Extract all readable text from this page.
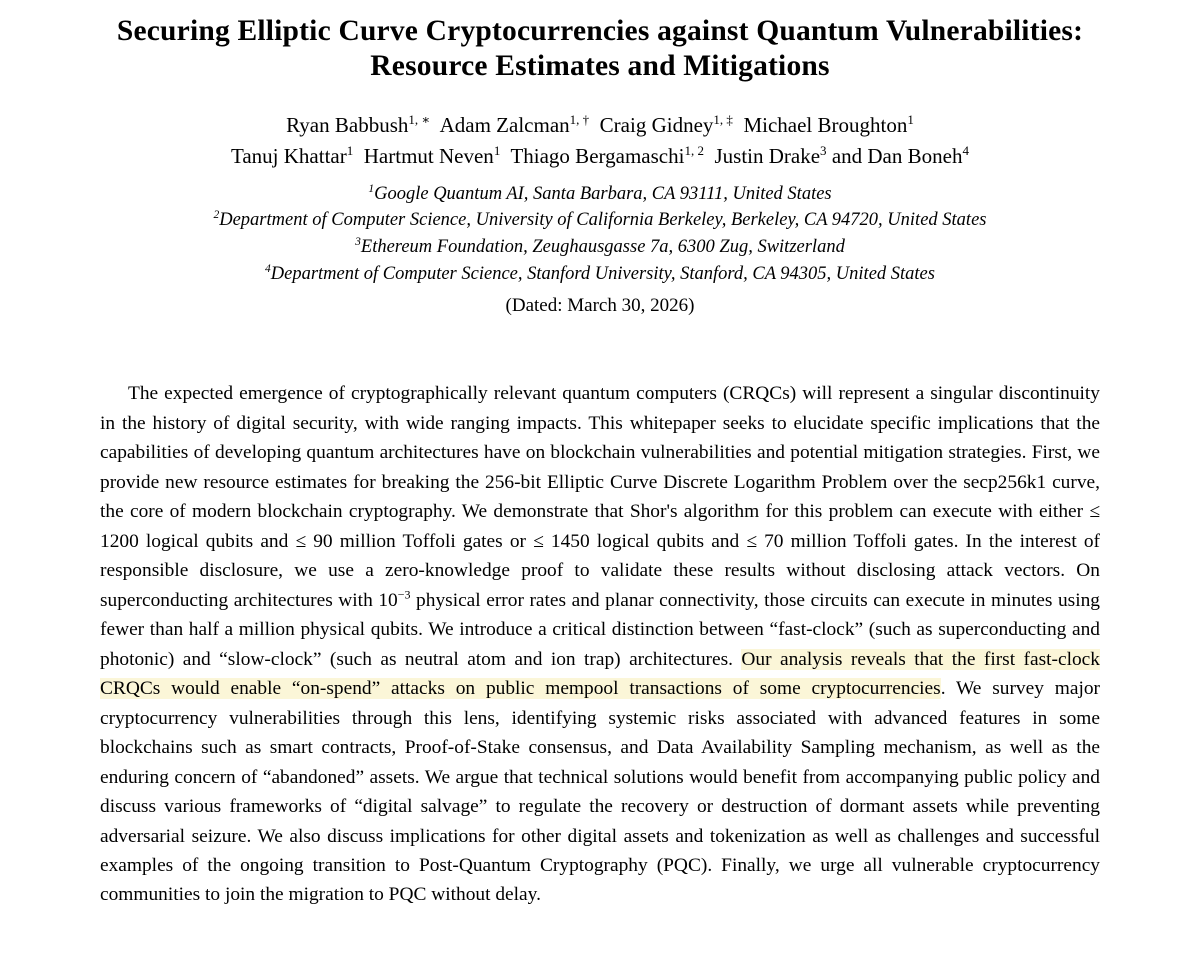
Securing Elliptic Curve Cryptocurrencies against Quantum Vulnerabilities:
Resource Estimates and Mitigations
Ryan Babbush$^{1, ∗}$ Adam Zalcman$^{1, \dagger}$ Craig Gidney$^{1, \ddagger}$ Michael Broughton$^1$
Tanuj Khattar$^1$ Hartmut Neven$^1$ Thiago Bergamaschi$^{1, 2}$ Justin Drake$^3$ and Dan Boneh$^4$
$^1$Google Quantum AI, Santa Barbara, CA 93111, United States
$^2$Department of Computer Science, University of California Berkeley, Berkeley, CA 94720, United States
$^3$Ethereum Foundation, Zeughausgasse 7a, 6300 Zug, Switzerland
$^4$Department of Computer Science, Stanford University, Stanford, CA 94305, United States
(Dated: March 30, 2026)
The expected emergence of cryptographically relevant quantum computers (CRQCs) will represent a singular discontinuity in the history of digital security, with wide ranging impacts. This whitepaper seeks to elucidate specific implications that the capabilities of developing quantum architectures have on blockchain vulnerabilities and potential mitigation strategies. First, we provide new resource estimates for breaking the 256-bit Elliptic Curve Discrete Logarithm Problem over the secp256k1 curve, the core of modern blockchain cryptography. We demonstrate that Shor's algorithm for this problem can execute with either ≤ 1200 logical qubits and ≤ 90 million Toffoli gates or ≤ 1450 logical qubits and ≤ 70 million Toffoli gates. In the interest of responsible disclosure, we use a zero-knowledge proof to validate these results without disclosing attack vectors. On superconducting architectures with $10^{-3}$ physical error rates and planar connectivity, those circuits can execute in minutes using fewer than half a million physical qubits. We introduce a critical distinction between “fast-clock” (such as superconducting and photonic) and “slow-clock” (such as neutral atom and ion trap) architectures. Our analysis reveals that the first fast-clock CRQCs would enable “on-spend” attacks on public mempool transactions of some cryptocurrencies. We survey major cryptocurrency vulnerabilities through this lens, identifying systemic risks associated with advanced features in some blockchains such as smart contracts, Proof-of-Stake consensus, and Data Availability Sampling mechanism, as well as the enduring concern of “abandoned” assets. We argue that technical solutions would benefit from accompanying public policy and discuss various frameworks of “digital salvage” to regulate the recovery or destruction of dormant assets while preventing adversarial seizure. We also discuss implications for other digital assets and tokenization as well as challenges and successful examples of the ongoing transition to Post-Quantum Cryptography (PQC). Finally, we urge all vulnerable cryptocurrency communities to join the migration to PQC without delay.
